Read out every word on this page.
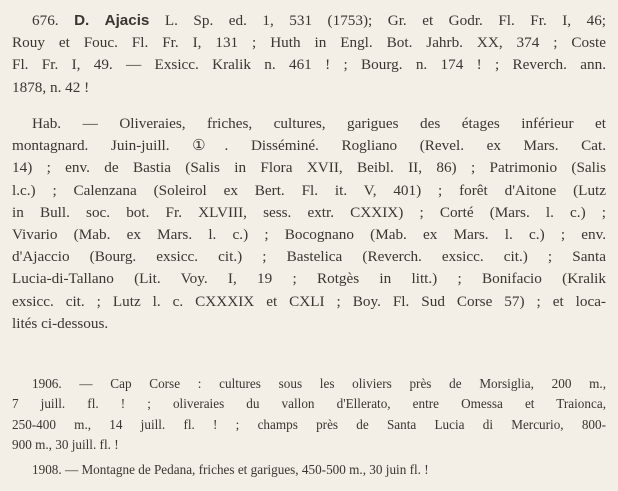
676. D. Ajacis L. Sp. ed. 1, 531 (1753); Gr. et Godr. Fl. Fr. I, 46;
Rouy et Fouc. Fl. Fr. I, 131 ; Huth in Engl. Bot. Jahrb. XX, 374 ; Coste
Fl. Fr. I, 49. — Exsicc. Kralik n. 461 ! ; Bourg. n. 174 ! ; Reverch. ann.
1878, n. 42 !
Hab. — Oliveraies, friches, cultures, garigues des étages inférieur et
montagnard. Juin-juill. ①. Disséminé. Rogliano (Revel. ex Mars. Cat.
14) ; env. de Bastia (Salis in Flora XVII, Beibl. II, 86) ; Patrimonio (Salis
l.c.) ; Calenzana (Soleirol ex Bert. Fl. it. V, 401) ; forêt d'Aitone (Lutz
in Bull. soc. bot. Fr. XLVIII, sess. extr. CXXIX) ; Corté (Mars. l. c.) ;
Vivario (Mab. ex Mars. l. c.) ; Bocognano (Mab. ex Mars. l. c.) ; env.
d'Ajaccio (Bourg. exsicc. cit.) ; Bastelica (Reverch. exsicc. cit.) ; Santa
Lucia-di-Tallano (Lit. Voy. I, 19 ; Rotgès in litt.) ; Bonifacio (Kralik
exsicc. cit. ; Lutz l. c. CXXXIX et CXLI ; Boy. Fl. Sud Corse 57) ; et loca-
lités ci-dessous.
1906. — Cap Corse : cultures sous les oliviers près de Morsiglia, 200 m.,
7 juill. fl. ! ; oliveraies du vallon d'Ellerato, entre Omessa et Traionca,
250-400 m., 14 juill. fl. ! ; champs près de Santa Lucia di Mercurio, 800-
900 m., 30 juill. fl. !
1908. — Montagne de Pedana, friches et garigues, 450-500 m., 30 juin fl. !
